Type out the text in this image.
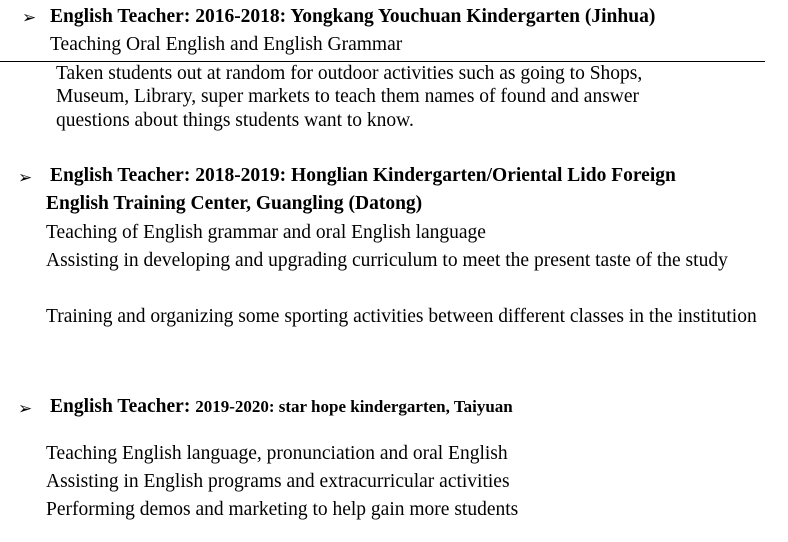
➢ English Teacher: 2016-2018: Yongkang Youchuan Kindergarten (Jinhua)
Teaching Oral English and English Grammar
Taken students out at random for outdoor activities such as going to Shops,
Museum, Library, super markets to teach them names of found and answer
questions about things students want to know.
➢ English Teacher: 2018-2019: Honglian Kindergarten/Oriental Lido Foreign
English Training Center, Guangling (Datong)
Teaching of English grammar and oral English language
Assisting in developing and upgrading curriculum to meet the present taste of the study
Training and organizing some sporting activities between different classes in the institution
➢ English Teacher: 2019-2020: star hope kindergarten, Taiyuan
Teaching English language, pronunciation and oral English
Assisting in English programs and extracurricular activities
Performing demos and marketing to help gain more students
